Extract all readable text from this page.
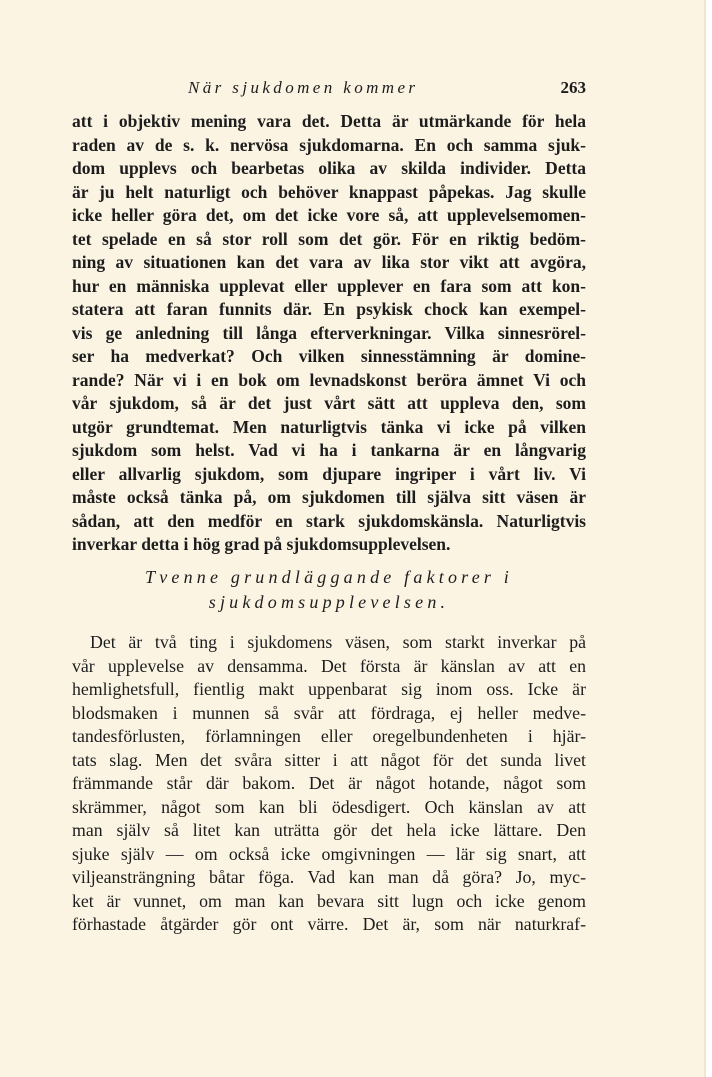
När sjukdomen kommer	263
att i objektiv mening vara det. Detta är utmärkande för hela
raden av de s. k. nervösa sjukdomarna. En och samma sjuk-
dom upplevs och bearbetas olika av skilda individer. Detta
är ju helt naturligt och behöver knappast påpekas. Jag skulle
icke heller göra det, om det icke vore så, att upplevelsemomen-
tet spelade en så stor roll som det gör. För en riktig bedöm-
ning av situationen kan det vara av lika stor vikt att avgöra,
hur en människa upplevat eller upplever en fara som att kon-
statera att faran funnits där. En psykisk chock kan exempel-
vis ge anledning till långa efterverkningar. Vilka sinnesrörel-
ser ha medverkat? Och vilken sinnesstämning är domine-
rande? När vi i en bok om levnadskonst beröra ämnet Vi och
vår sjukdom, så är det just vårt sätt att uppleva den, som
utgör grundtemat. Men naturligtvis tänka vi icke på vilken
sjukdom som helst. Vad vi ha i tankarna är en långvarig
eller allvarlig sjukdom, som djupare ingriper i vårt liv. Vi
måste också tänka på, om sjukdomen till själva sitt väsen är
sådan, att den medför en stark sjukdomskänsla. Naturligtvis
inverkar detta i hög grad på sjukdomsupplevelsen.
Tvenne grundläggande faktorer i
sjukdomsupplevelsen.
Det är två ting i sjukdomens väsen, som starkt inverkar på
vår upplevelse av densamma. Det första är känslan av att en
hemlighetsfull, fientlig makt uppenbarat sig inom oss. Icke är
blodsmaken i munnen så svår att fördraga, ej heller medve-
tandesförlusten, förlamningen eller oregelbundenheten i hjär-
tats slag. Men det svåra sitter i att något för det sunda livet
främmande står där bakom. Det är något hotande, något som
skrämmer, något som kan bli ödesdigert. Och känslan av att
man själv så litet kan uträtta gör det hela icke lättare. Den
sjuke själv — om också icke omgivningen — lär sig snart, att
viljeansträngning båtar föga. Vad kan man då göra? Jo, myc-
ket är vunnet, om man kan bevara sitt lugn och icke genom
förhastade åtgärder gör ont värre. Det är, som när naturkraf-
